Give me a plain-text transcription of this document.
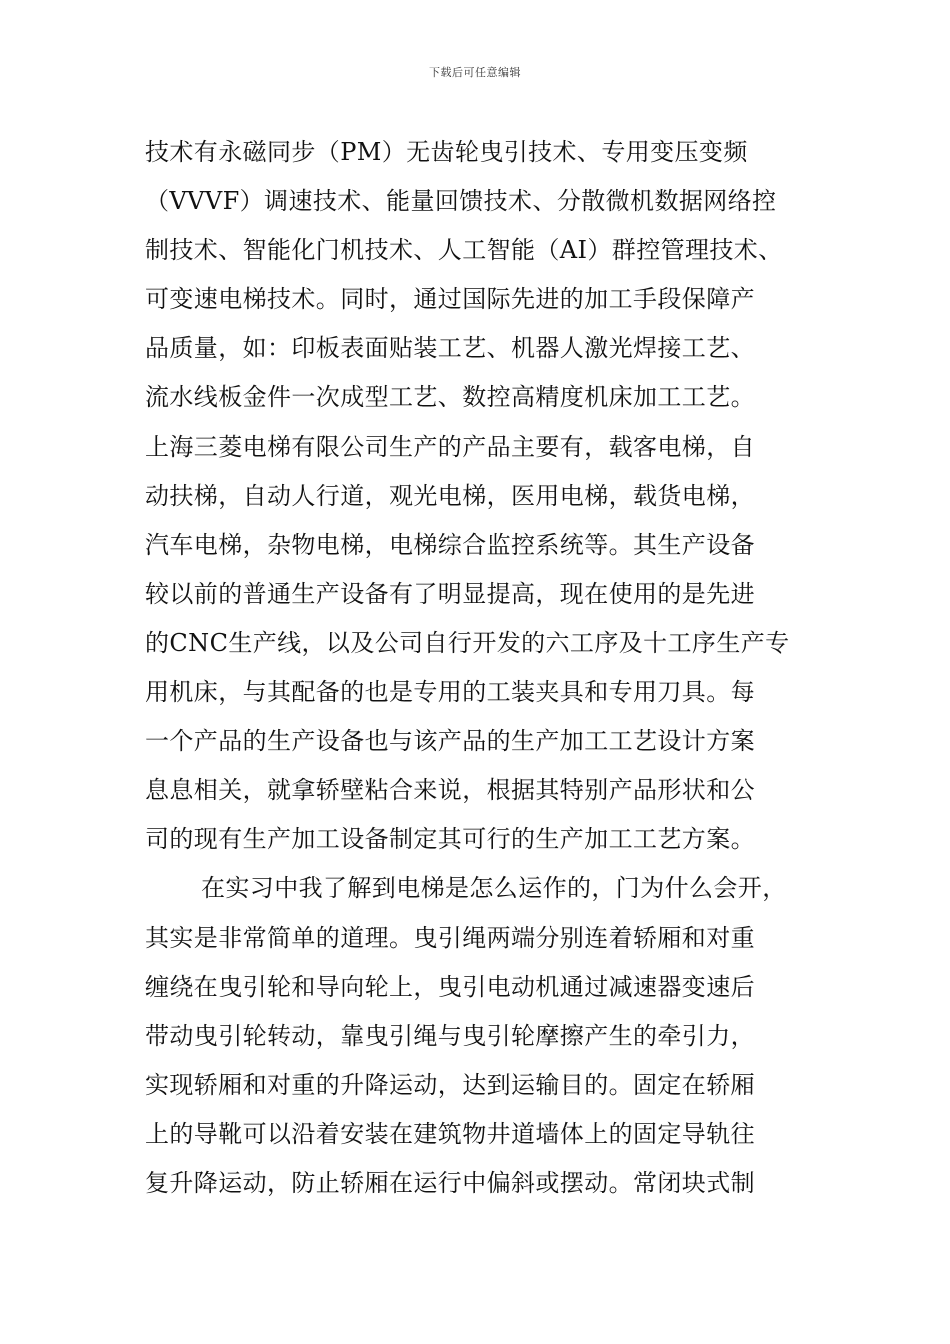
下载后可任意编辑
技术有永磁同步（PM）无齿轮曳引技术、专用变压变频
（VVVF）调速技术、能量回馈技术、分散微机数据网络控
制技术、智能化门机技术、人工智能（AI）群控管理技术、
可变速电梯技术。同时，通过国际先进的加工手段保障产
品质量，如：印板表面贴装工艺、机器人激光焊接工艺、
流水线板金件一次成型工艺、数控高精度机床加工工艺。
上海三菱电梯有限公司生产的产品主要有，载客电梯，自
动扶梯，自动人行道，观光电梯，医用电梯，载货电梯，
汽车电梯，杂物电梯，电梯综合监控系统等。其生产设备
较以前的普通生产设备有了明显提高，现在使用的是先进
的CNC生产线，以及公司自行开发的六工序及十工序生产专
用机床，与其配备的也是专用的工装夹具和专用刀具。每
一个产品的生产设备也与该产品的生产加工工艺设计方案
息息相关，就拿轿壁粘合来说，根据其特别产品形状和公
司的现有生产加工设备制定其可行的生产加工工艺方案。
在实习中我了解到电梯是怎么运作的，门为什么会开，
其实是非常简单的道理。曳引绳两端分别连着轿厢和对重
缠绕在曳引轮和导向轮上，曳引电动机通过减速器变速后
带动曳引轮转动，靠曳引绳与曳引轮摩擦产生的牵引力，
实现轿厢和对重的升降运动，达到运输目的。固定在轿厢
上的导靴可以沿着安装在建筑物井道墙体上的固定导轨往
复升降运动，防止轿厢在运行中偏斜或摆动。常闭块式制
